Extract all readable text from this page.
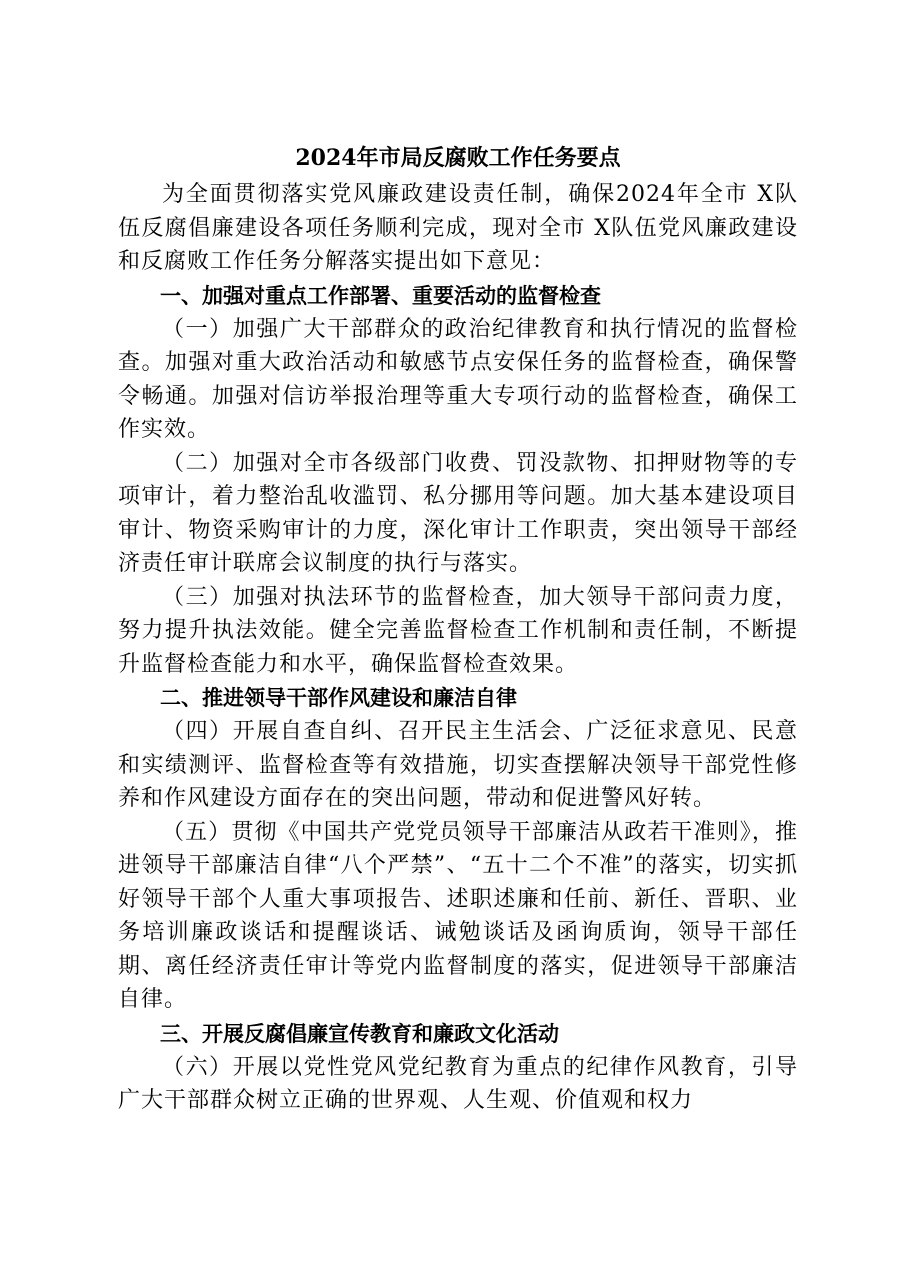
2024年市局反腐败工作任务要点

为全面贯彻落实党风廉政建设责任制，确保2024年全市 X队伍反腐倡廉建设各项任务顺利完成，现对全市 X队伍党风廉政建设和反腐败工作任务分解落实提出如下意见：

一、加强对重点工作部署、重要活动的监督检查

（一）加强广大干部群众的政治纪律教育和执行情况的监督检查。加强对重大政治活动和敏感节点安保任务的监督检查，确保警令畅通。加强对信访举报治理等重大专项行动的监督检查，确保工作实效。

（二）加强对全市各级部门收费、罚没款物、扣押财物等的专项审计，着力整治乱收滥罚、私分挪用等问题。加大基本建设项目审计、物资采购审计的力度，深化审计工作职责，突出领导干部经济责任审计联席会议制度的执行与落实。

（三）加强对执法环节的监督检查，加大领导干部问责力度，努力提升执法效能。健全完善监督检查工作机制和责任制，不断提升监督检查能力和水平，确保监督检查效果。

二、推进领导干部作风建设和廉洁自律

（四）开展自查自纠、召开民主生活会、广泛征求意见、民意和实绩测评、监督检查等有效措施，切实查摆解决领导干部党性修养和作风建设方面存在的突出问题，带动和促进警风好转。

（五）贯彻《中国共产党党员领导干部廉洁从政若干准则》，推进领导干部廉洁自律“八个严禁”、“五十二个不准”的落实，切实抓好领导干部个人重大事项报告、述职述廉和任前、新任、晋职、业务培训廉政谈话和提醒谈话、诫勉谈话及函询质询，领导干部任期、离任经济责任审计等党内监督制度的落实，促进领导干部廉洁自律。

三、开展反腐倡廉宣传教育和廉政文化活动

（六）开展以党性党风党纪教育为重点的纪律作风教育，引导广大干部群众树立正确的世界观、人生观、价值观和权力
